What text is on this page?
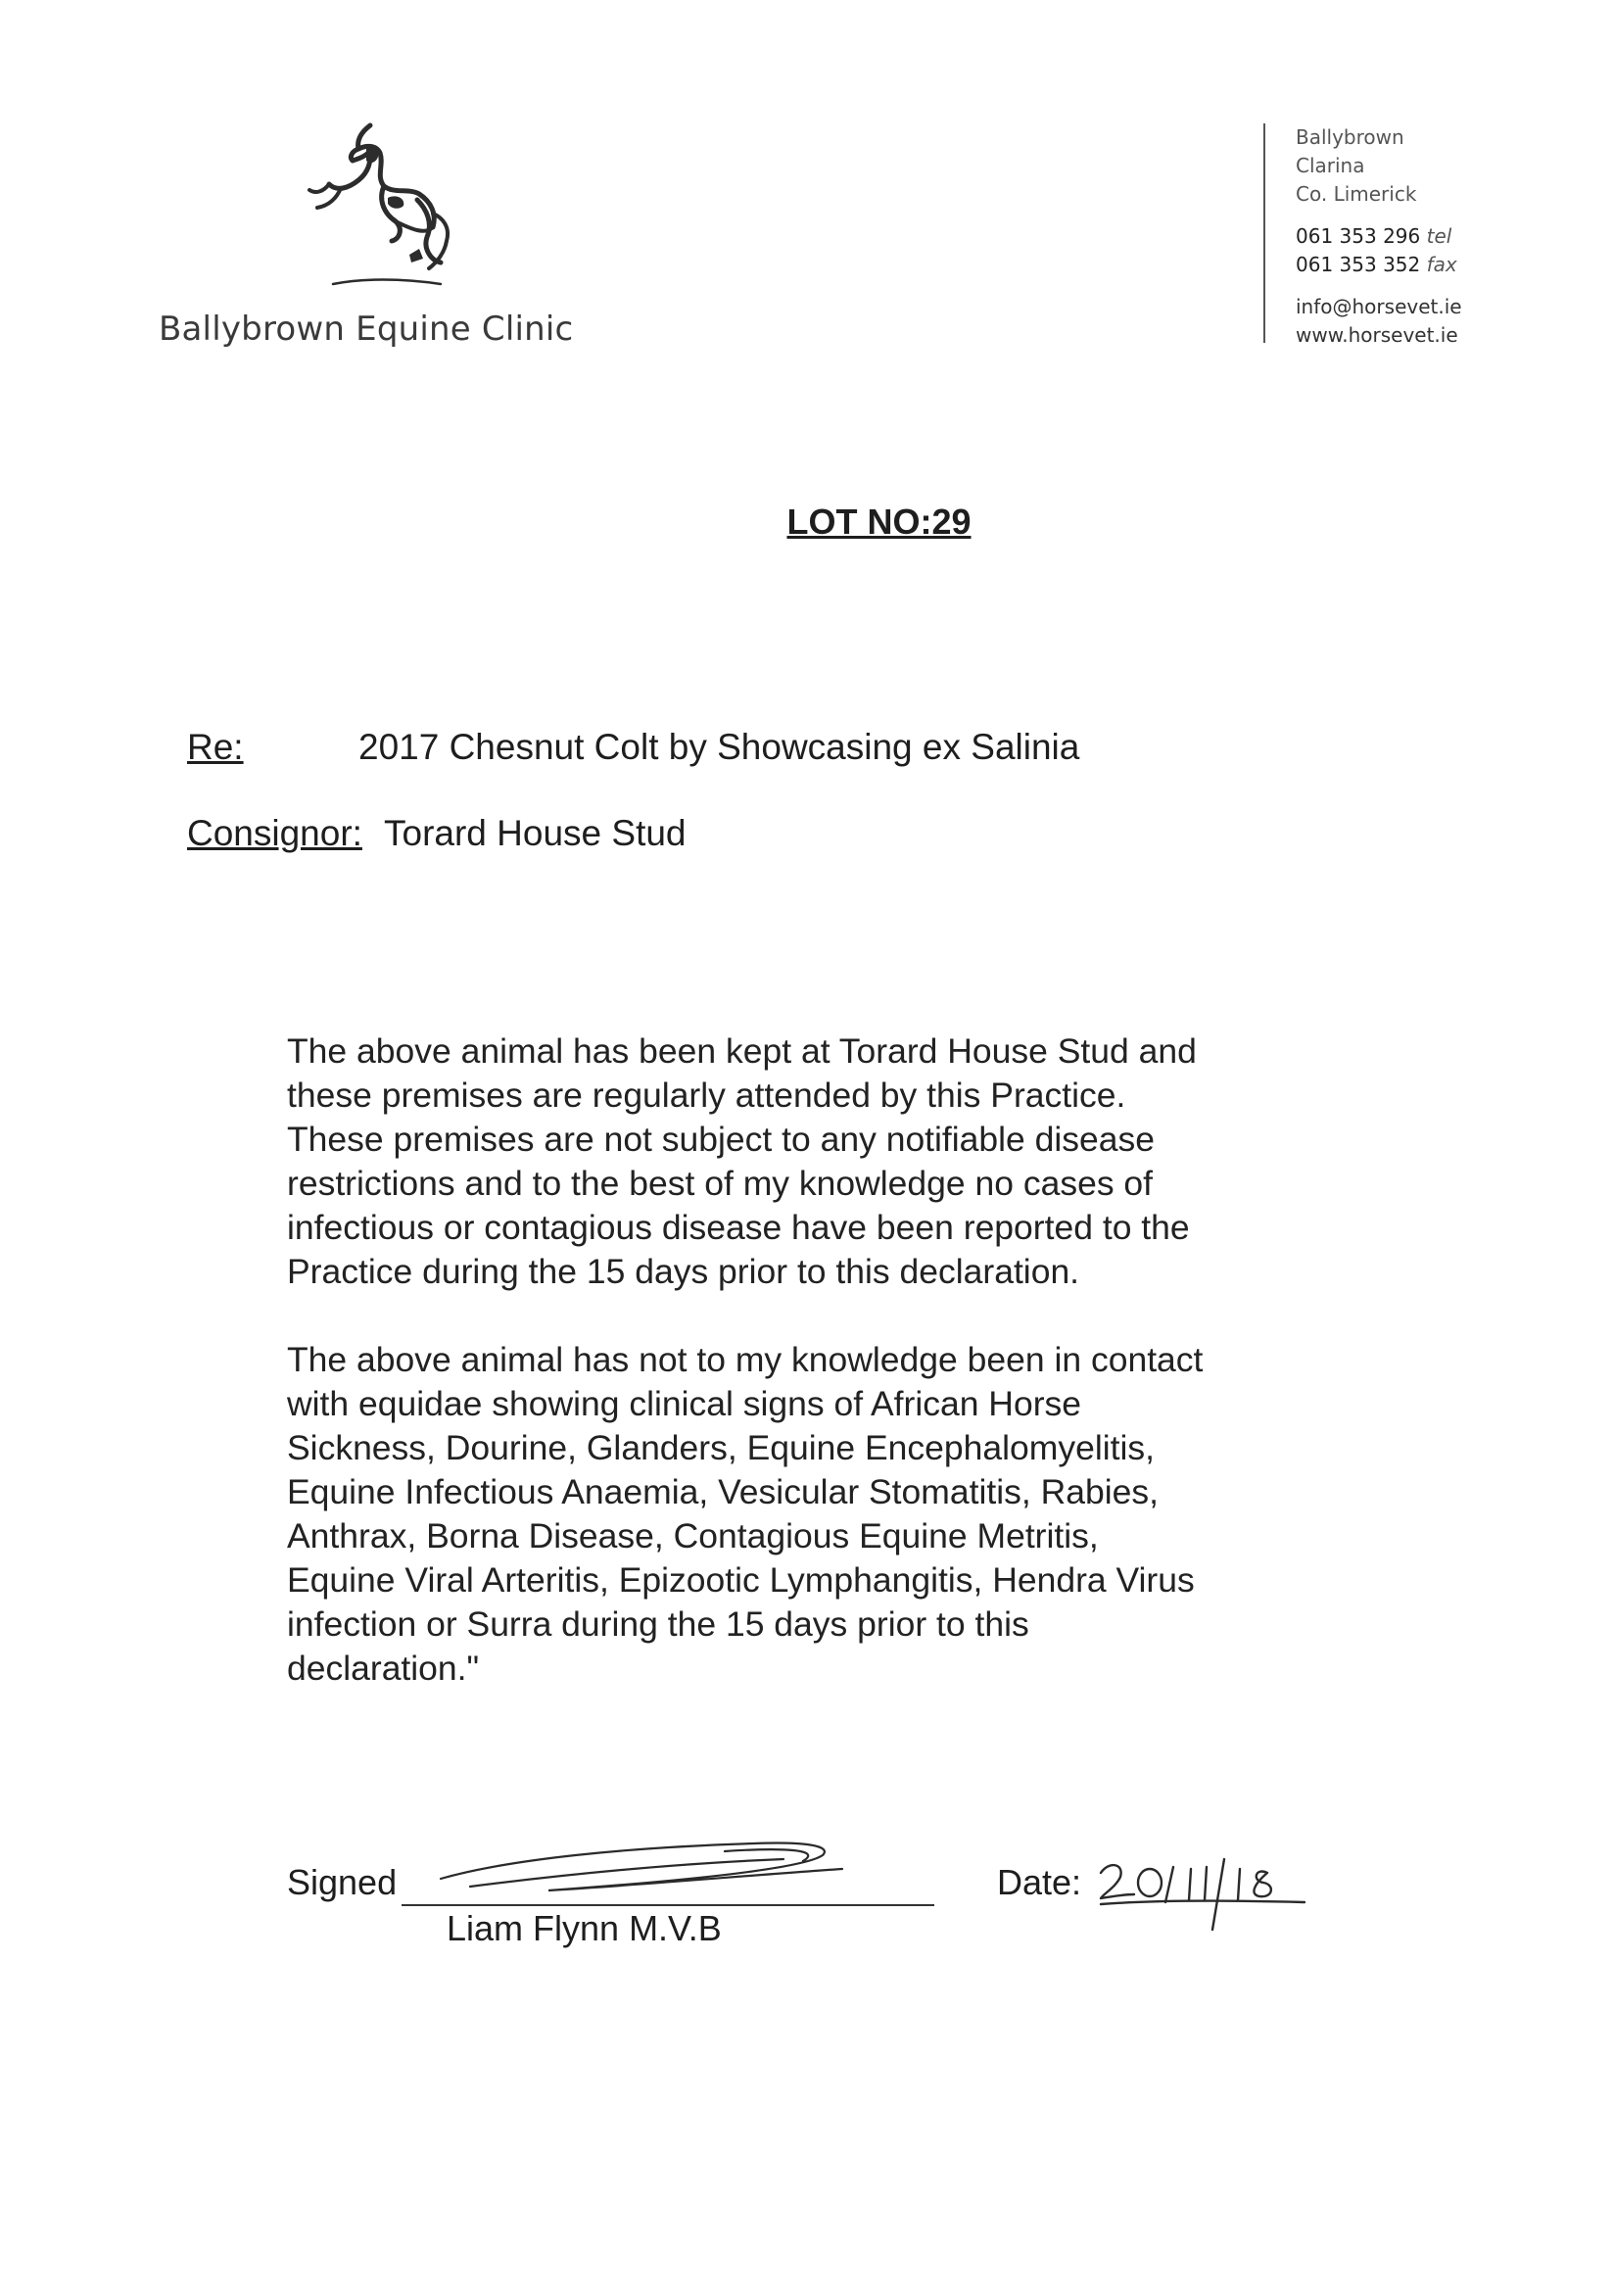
Ballybrown Equine Clinic
Ballybrown
Clarina
Co. Limerick
061 353 296 tel
061 353 352 fax
info@horsevet.ie
www.horsevet.ie
LOT NO:29
Re:	2017 Chesnut Colt by Showcasing ex Salinia
Consignor: Torard House Stud
The above animal has been kept at Torard House Stud and
these premises are regularly attended by this Practice.
These premises are not subject to any notifiable disease
restrictions and to the best of my knowledge no cases of
infectious or contagious disease have been reported to the
Practice during the 15 days prior to this declaration.
The above animal has not to my knowledge been in contact
with equidae showing clinical signs of African Horse
Sickness, Dourine, Glanders, Equine Encephalomyelitis,
Equine Infectious Anaemia, Vesicular Stomatitis, Rabies,
Anthrax, Borna Disease, Contagious Equine Metritis,
Equine Viral Arteritis, Epizootic Lymphangitis, Hendra Virus
infection or Surra during the 15 days prior to this
declaration."
Signed
Liam Flynn M.V.B
Date:
